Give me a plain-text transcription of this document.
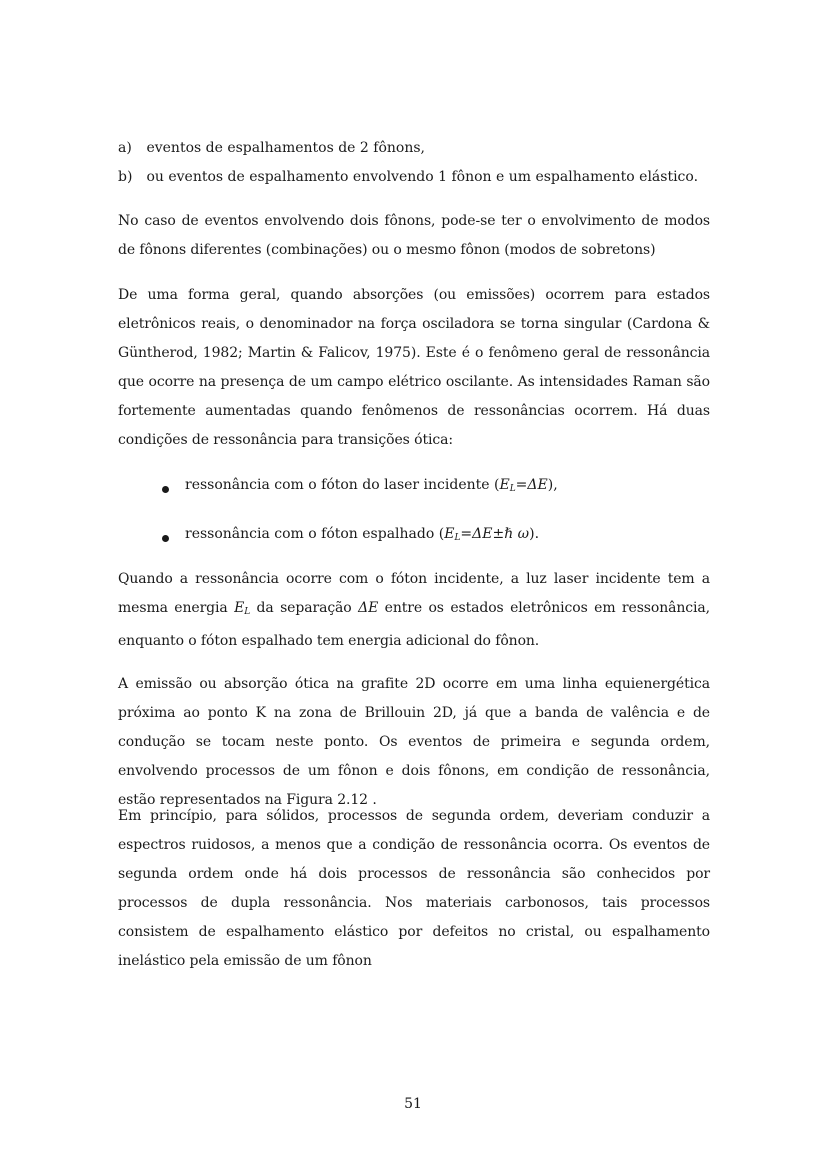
a) eventos de espalhamentos de 2 fônons,
b) ou eventos de espalhamento envolvendo 1 fônon e um espalhamento elástico.

No caso de eventos envolvendo dois fônons, pode-se ter o envolvimento de modos de fônons diferentes (combinações) ou o mesmo fônon (modos de sobretons)

De uma forma geral, quando absorções (ou emissões) ocorrem para estados eletrônicos reais, o denominador na força osciladora se torna singular (Cardona & Güntherod, 1982; Martin & Falicov, 1975). Este é o fenômeno geral de ressonância que ocorre na presença de um campo elétrico oscilante. As intensidades Raman são fortemente aumentadas quando fenômenos de ressonâncias ocorrem. Há duas condições de ressonância para transições ótica:

ressonância com o fóton do laser incidente $(E_L=\Delta E)$,
ressonância com o fóton espalhado ($E_L=\Delta E\pm\hbar$ ω).

Quando a ressonância ocorre com o fóton incidente, a luz laser incidente tem a mesma energia $E_L$ da separação ΔE entre os estados eletrônicos em ressonância, enquanto o fóton espalhado tem energia adicional do fônon.

A emissão ou absorção ótica na grafite 2D ocorre em uma linha equienergética próxima ao ponto K na zona de Brillouin 2D, já que a banda de valência e de condução se tocam neste ponto. Os eventos de primeira e segunda ordem, envolvendo processos de um fônon e dois fônons, em condição de ressonância, estão representados na Figura 2.12 .

Em princípio, para sólidos, processos de segunda ordem, deveriam conduzir a espectros ruidosos, a menos que a condição de ressonância ocorra. Os eventos de segunda ordem onde há dois processos de ressonância são conhecidos por processos de dupla ressonância. Nos materiais carbonosos, tais processos consistem de espalhamento elástico por defeitos no cristal, ou espalhamento inelástico pela emissão de um fônon

51
